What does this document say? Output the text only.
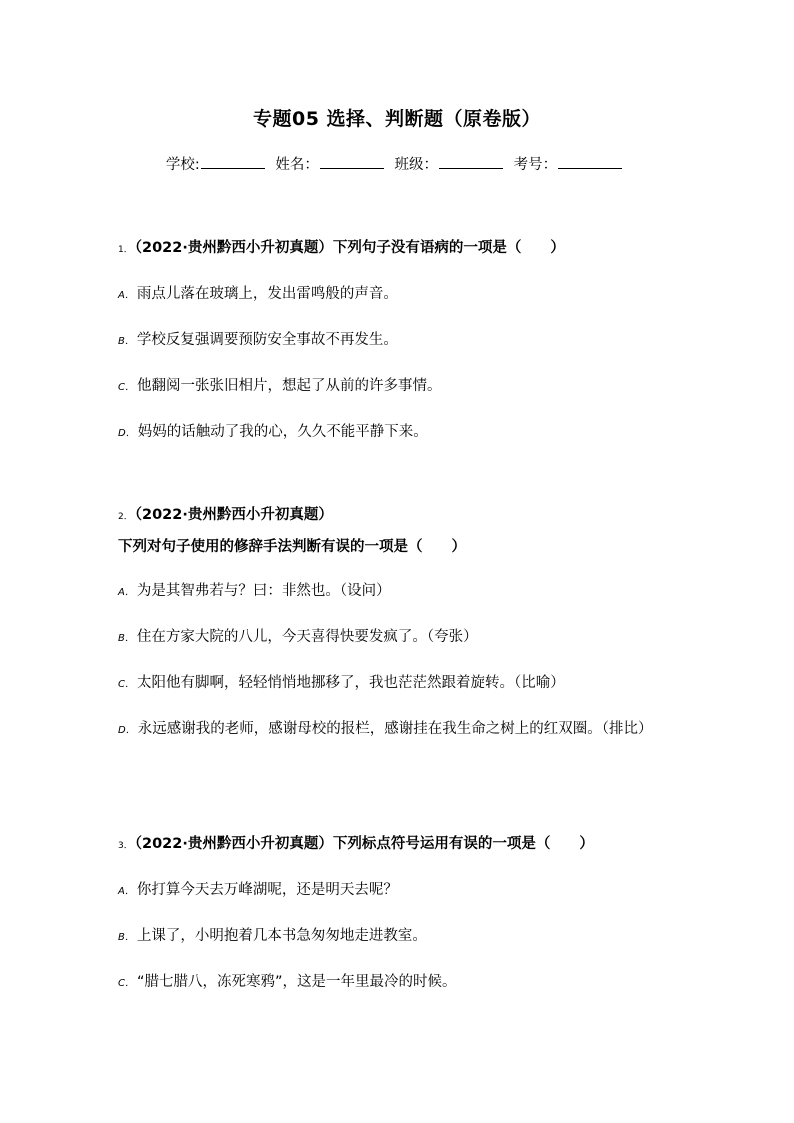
专题05 选择、判断题（原卷版）
学校:	姓名：	班级：	考号：

1． （2022·贵州黔西小升初真题）下列句子没有语病的一项是（　　）

A． 雨点儿落在玻璃上，发出雷鸣般的声音。
B． 学校反复强调要预防安全事故不再发生。
C． 他翻阅一张张旧相片，想起了从前的许多事情。
D． 妈妈的话触动了我的心，久久不能平静下来。

2． （2022·贵州黔西小升初真题）下列对句子使用的修辞手法判断有误的一项是（　　）

A． 为是其智弗若与？曰：非然也。（设问）
B． 住在方家大院的八儿，今天喜得快要发疯了。（夸张）
C． 太阳他有脚啊，轻轻悄悄地挪移了，我也茫茫然跟着旋转。（比喻）
D． 永远感谢我的老师，感谢母校的报栏，感谢挂在我生命之树上的红双圈。（排比）

3． （2022·贵州黔西小升初真题）下列标点符号运用有误的一项是（　　）

A． 你打算今天去万峰湖呢，还是明天去呢？
B． 上课了，小明抱着几本书急匆匆地走进教室。
C． “腊七腊八，冻死寒鸦”，这是一年里最冷的时候。
